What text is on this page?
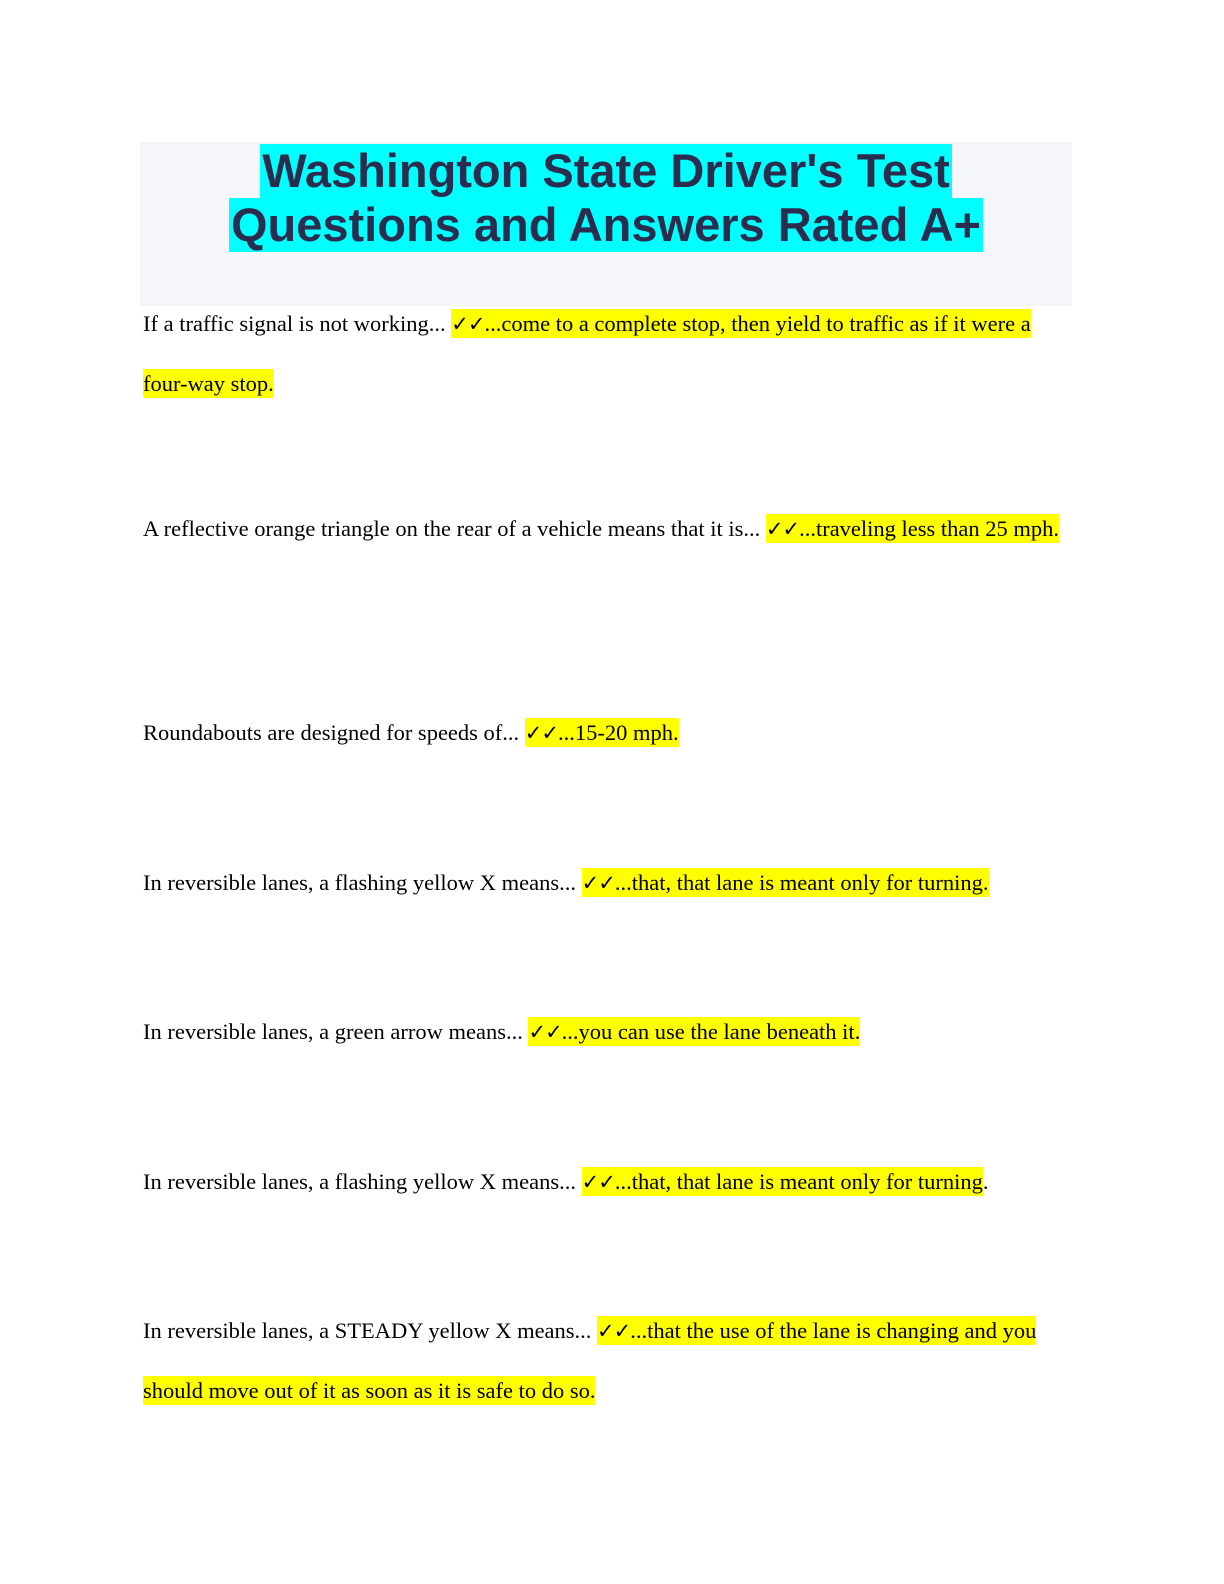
Washington State Driver's Test
Questions and Answers Rated A+
If a traffic signal is not working... ✓✓...come to a complete stop, then yield to traffic as if it were a four-way stop.
A reflective orange triangle on the rear of a vehicle means that it is... ✓✓...traveling less than 25 mph.
Roundabouts are designed for speeds of... ✓✓...15-20 mph.
In reversible lanes, a flashing yellow X means... ✓✓...that, that lane is meant only for turning.
In reversible lanes, a green arrow means... ✓✓...you can use the lane beneath it.
In reversible lanes, a flashing yellow X means... ✓✓...that, that lane is meant only for turning.
In reversible lanes, a STEADY yellow X means... ✓✓...that the use of the lane is changing and you should move out of it as soon as it is safe to do so.
